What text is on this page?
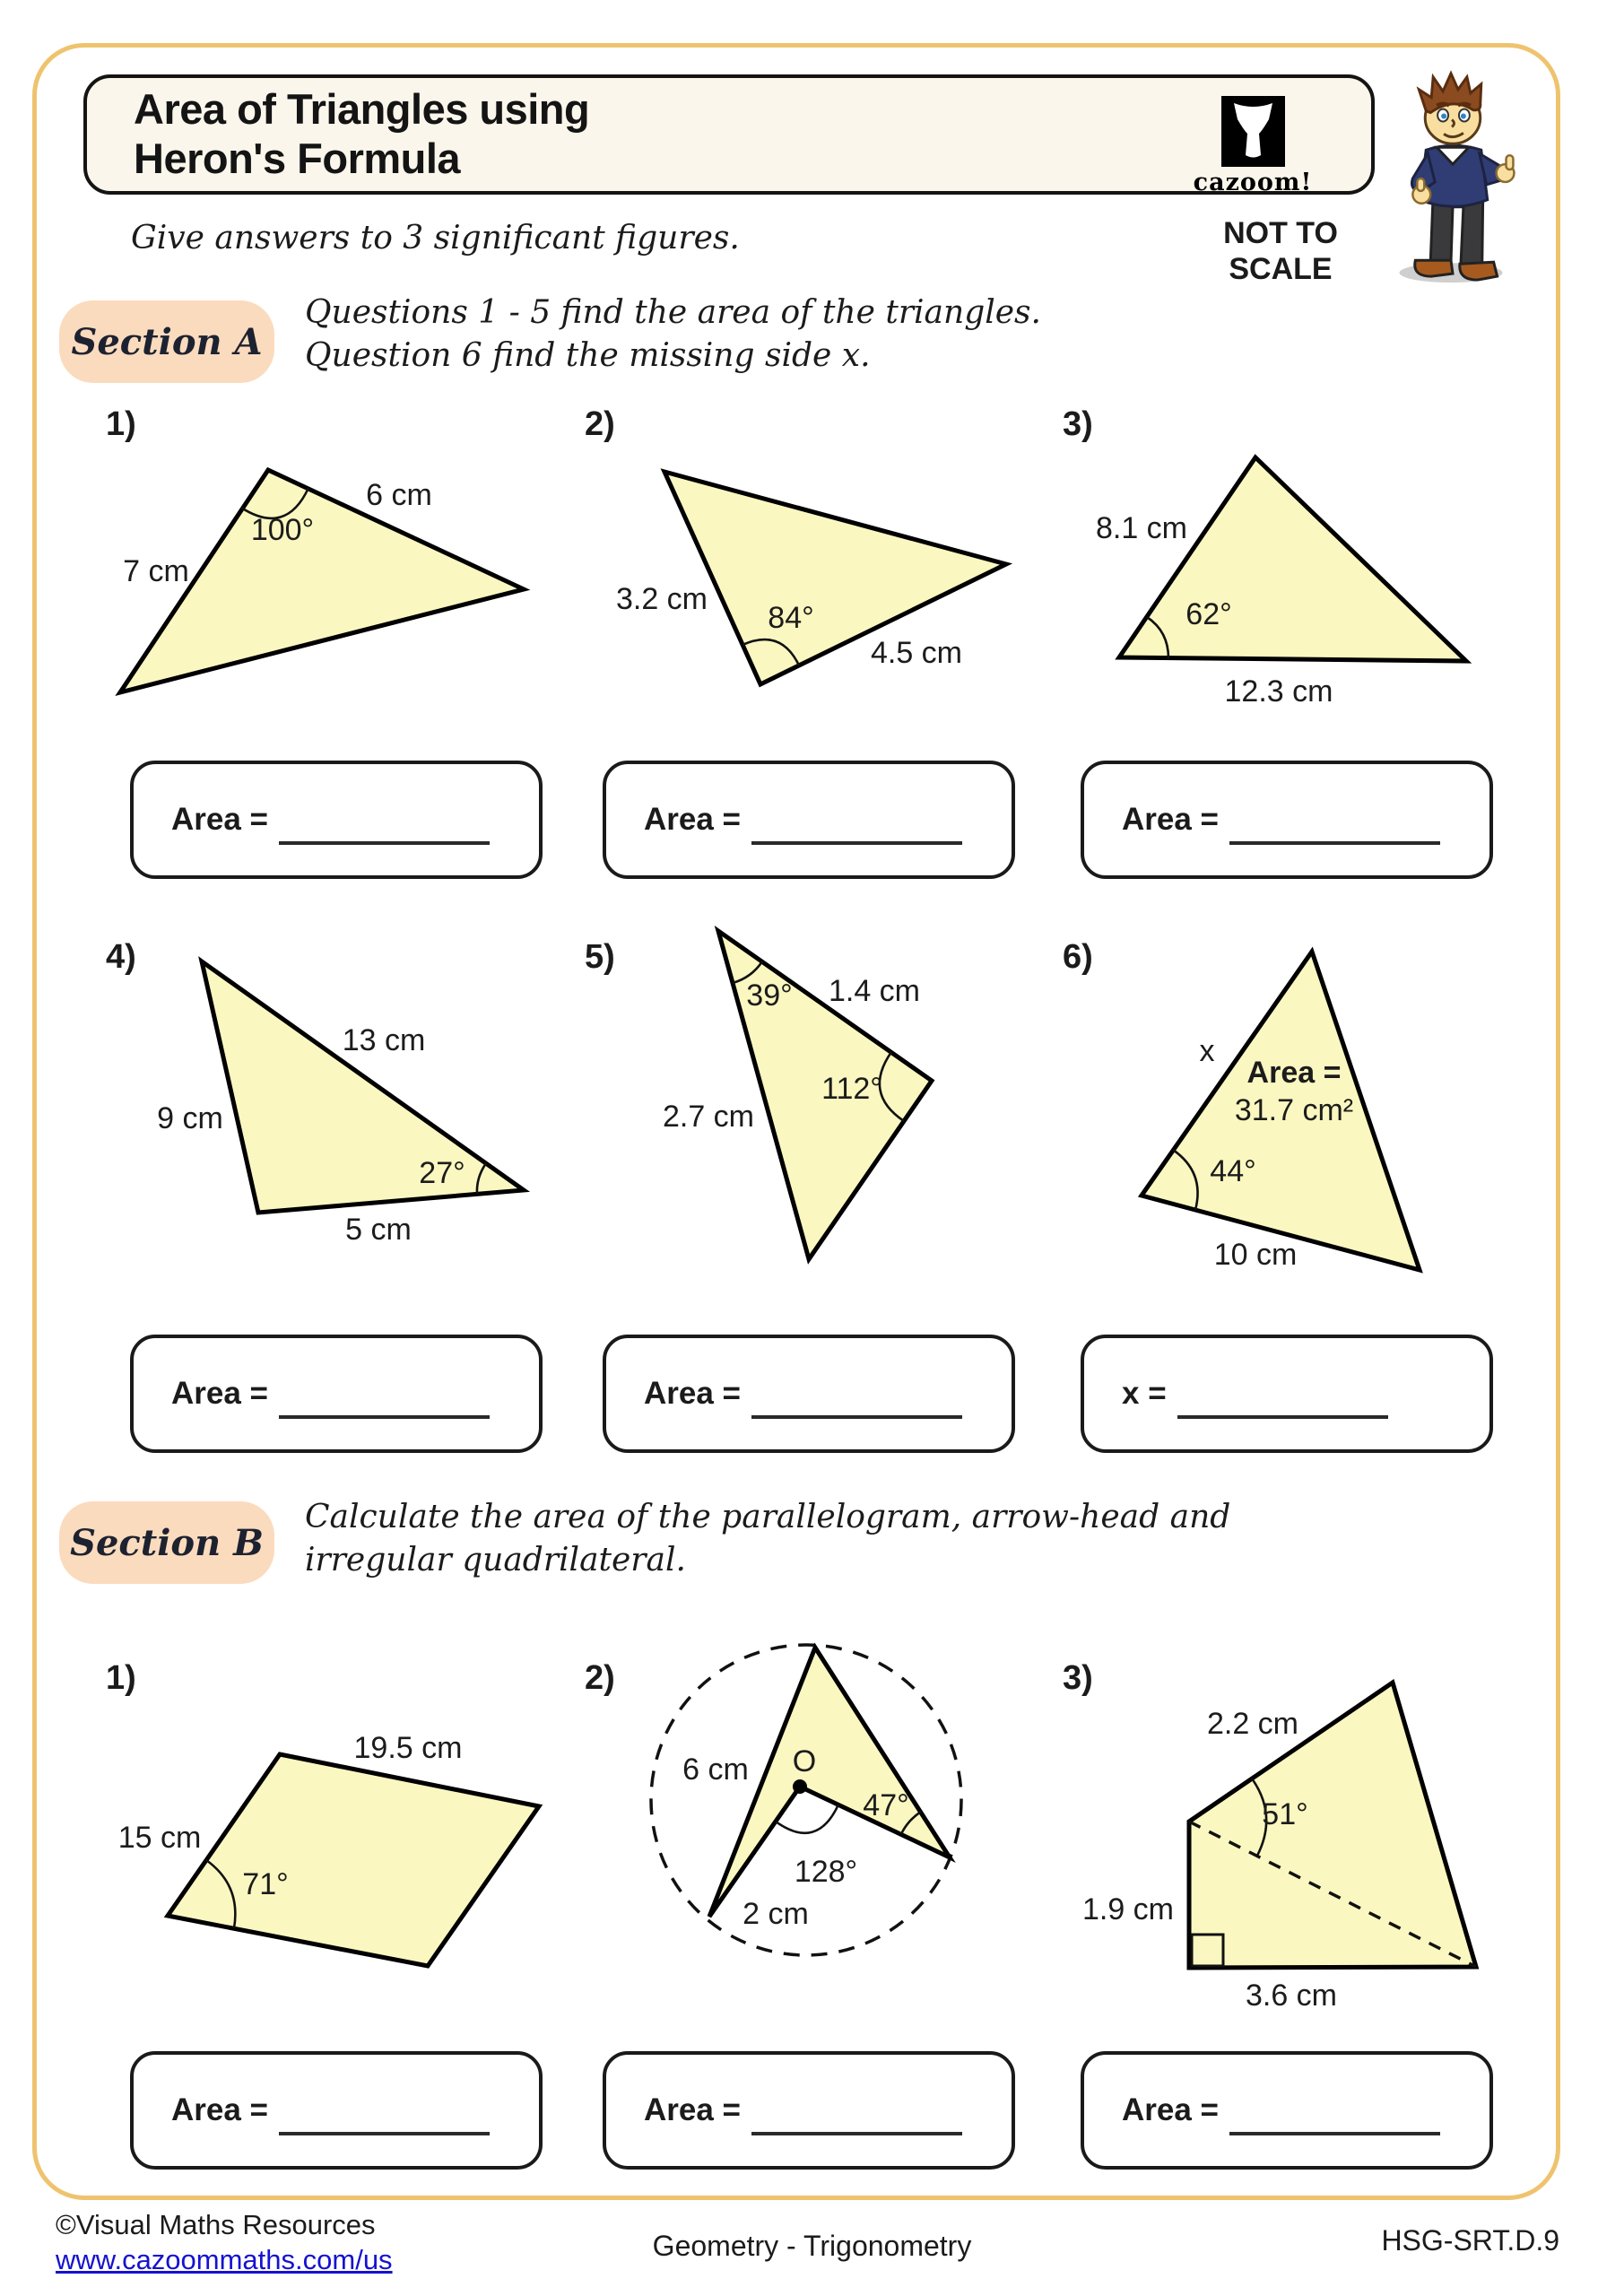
Area of Triangles using
Heron's Formula
cazoom!
NOT TO SCALE
Give answers to 3 significant figures.
Section A
Questions 1 - 5 find the area of the triangles.
Question 6 find the missing side x.
1)	2)	3)
4)	5)	6)
1)	2)	3)
6 cm
100°
7 cm
3.2 cm
84°
4.5 cm
8.1 cm
62°
12.3 cm
Area =	Area =	Area =
13 cm
9 cm
27°
5 cm
39° 1.4 cm
112°
2.7 cm
x
Area =
31.7 cm²
44°
10 cm
Area =	Area =	x =
Section B
Calculate the area of the parallelogram, arrow-head and
irregular quadrilateral.
19.5 cm
15 cm
71°
6 cm O
47°
128°
2 cm
2.2 cm
51°
1.9 cm
3.6 cm
Area =	Area =	Area =
©Visual Maths Resources
www.cazoommaths.com/us	Geometry - Trigonometry	HSG-SRT.D.9
